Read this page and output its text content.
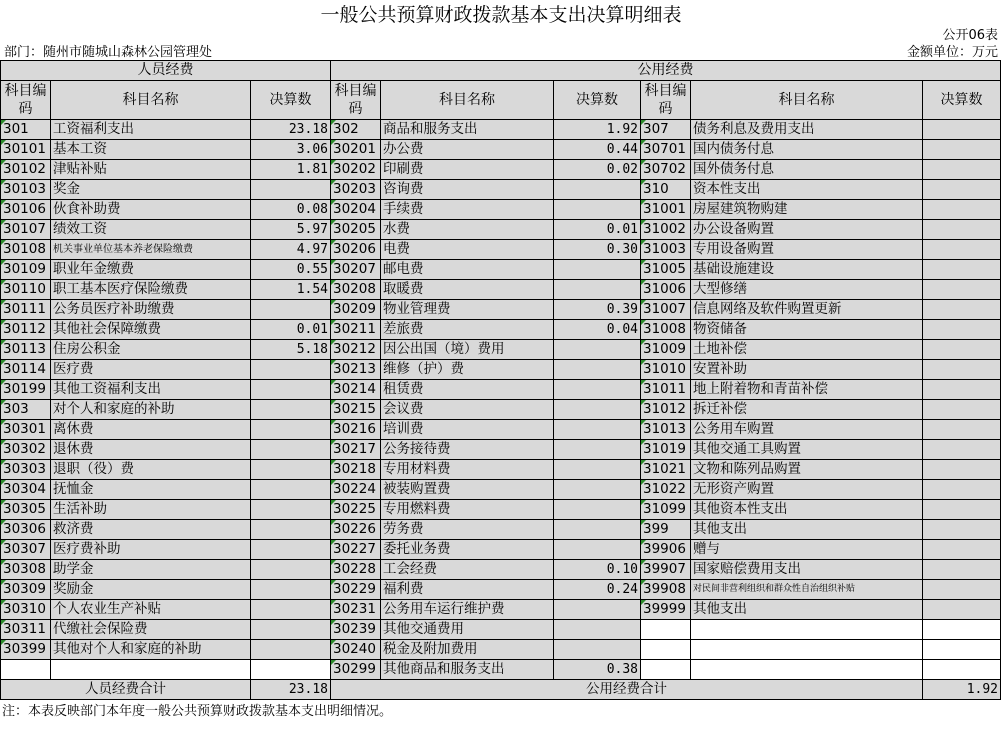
一般公共预算财政拨款基本支出决算明细表
公开06表
部门：随州市随城山森林公园管理处	金额单位：万元
人员经费			公用经费					
科目编码	科目名称	决算数	科目编码	科目名称	决算数	科目编码	科目名称	决算数
301	工资福利支出	23.18	302	商品和服务支出	1.92	307	债务利息及费用支出	
30101	基本工资	3.06	30201	办公费	0.44	30701	国内债务付息	
30102	津贴补贴	1.81	30202	印刷费	0.02	30702	国外债务付息	
30103	奖金		30203	咨询费		310	资本性支出	
30106	伙食补助费	0.08	30204	手续费		31001	房屋建筑物购建	
30107	绩效工资	5.97	30205	水费	0.01	31002	办公设备购置	
30108	机关事业单位基本养老保险缴费	4.97	30206	电费	0.30	31003	专用设备购置	
30109	职业年金缴费	0.55	30207	邮电费		31005	基础设施建设	
30110	职工基本医疗保险缴费	1.54	30208	取暖费		31006	大型修缮	
30111	公务员医疗补助缴费		30209	物业管理费	0.39	31007	信息网络及软件购置更新	
30112	其他社会保障缴费	0.01	30211	差旅费	0.04	31008	物资储备	
30113	住房公积金	5.18	30212	因公出国（境）费用		31009	土地补偿	
30114	医疗费		30213	维修（护）费		31010	安置补助	
30199	其他工资福利支出		30214	租赁费		31011	地上附着物和青苗补偿	
303	对个人和家庭的补助		30215	会议费		31012	拆迁补偿	
30301	离休费		30216	培训费		31013	公务用车购置	
30302	退休费		30217	公务接待费		31019	其他交通工具购置	
30303	退职（役）费		30218	专用材料费		31021	文物和陈列品购置	
30304	抚恤金		30224	被装购置费		31022	无形资产购置	
30305	生活补助		30225	专用燃料费		31099	其他资本性支出	
30306	救济费		30226	劳务费		399	其他支出	
30307	医疗费补助		30227	委托业务费		39906	赠与	
30308	助学金		30228	工会经费	0.10	39907	国家赔偿费用支出	
30309	奖励金		30229	福利费	0.24	39908	对民间非营利组织和群众性自治组织补贴	
30310	个人农业生产补贴		30231	公务用车运行维护费		39999	其他支出	
30311	代缴社会保险费		30239	其他交通费用				
30399	其他对个人和家庭的补助		30240	税金及附加费用				
			30299	其他商品和服务支出	0.38			
人员经费合计		23.18	公用经费合计					1.92
注：本表反映部门本年度一般公共预算财政拨款基本支出明细情况。
